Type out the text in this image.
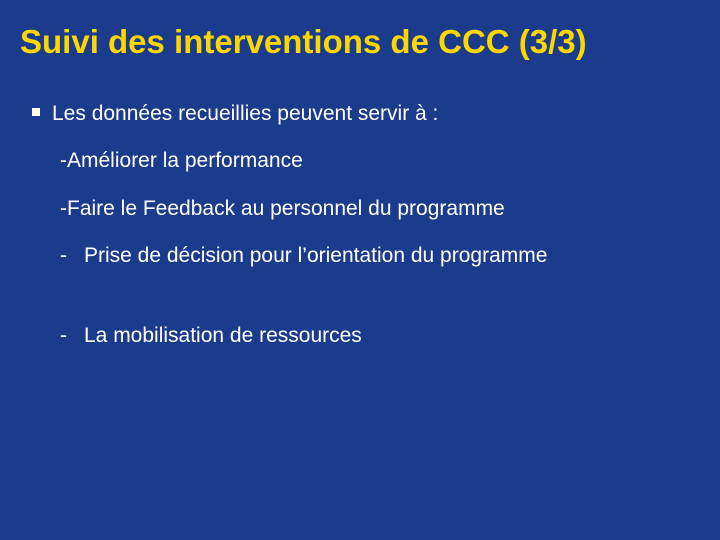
Suivi des interventions de CCC (3/3)
Les données recueillies peuvent servir à :
-Améliorer la performance
-Faire le Feedback au personnel du programme
-Prise de décision pour l’orientation du programme
-La mobilisation de ressources
